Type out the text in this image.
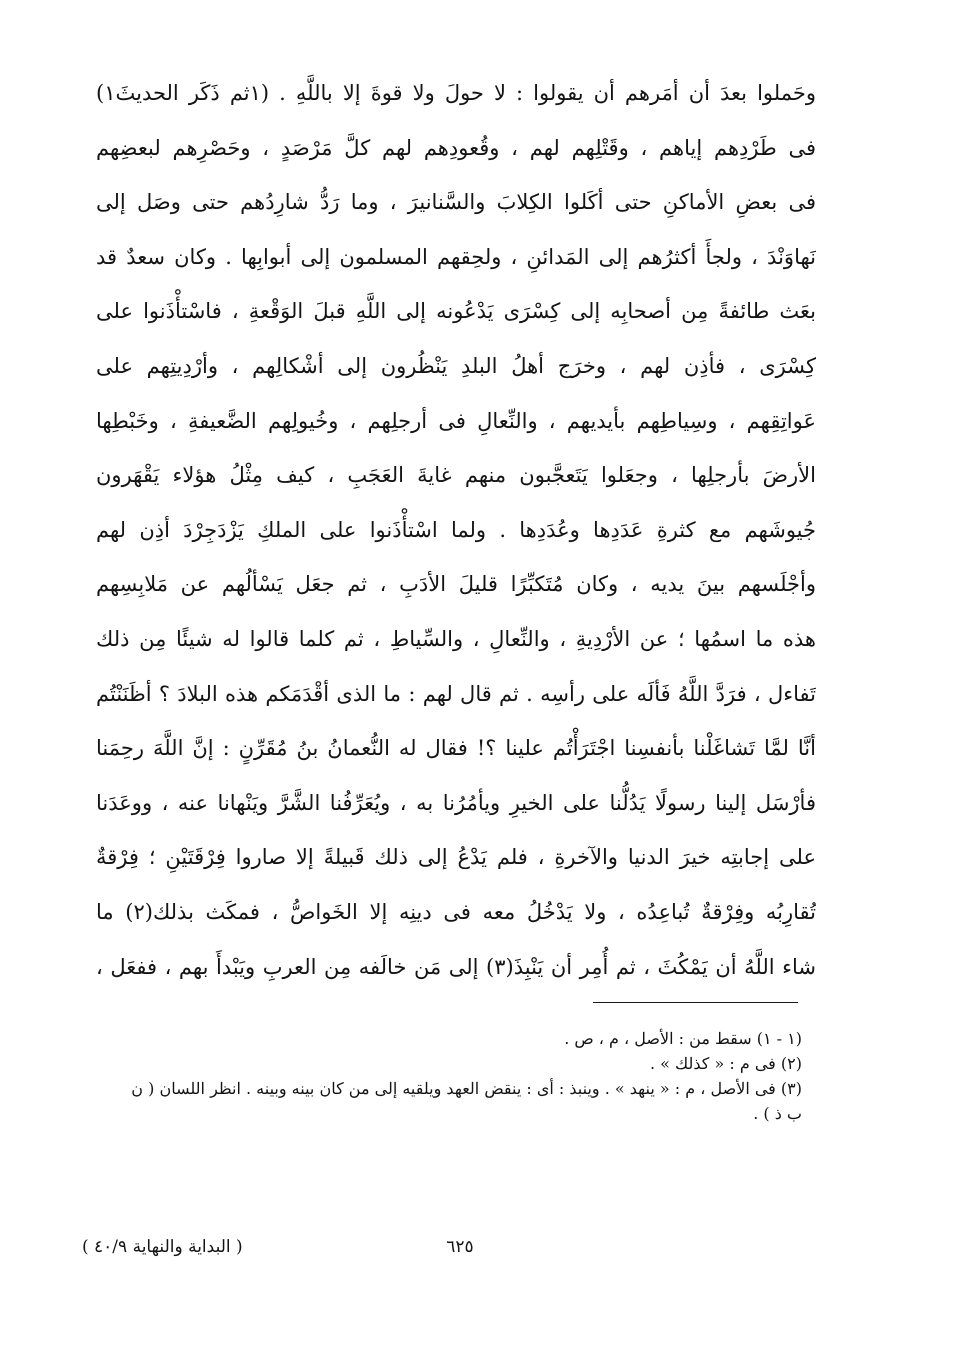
وحَملوا بعدَ أن أمَرهم أن يقولوا : لا حولَ ولا قوةَ إلا باللَّهِ . (١ثم ذَكَر الحديثَ١)
فى طَرْدِهم إياهم ، وقَتْلِهم لهم ، وقُعودِهم لهم كلَّ مَرْصَدٍ ، وحَصْرِهم لبعضِهم
فى بعضِ الأماكنِ حتى أكَلوا الكِلابَ والسَّنانيرَ ، وما رَدُّ شارِدُهم حتى وصَل إلى
نَهاوَنْدَ ، ولجأَ أكثرُهم إلى المَدائنِ ، ولحِقهم المسلمون إلى أبوابِها . وكان سعدٌ قد
بعَث طائفةً مِن أصحابِه إلى كِسْرَى يَدْعُونه إلى اللَّهِ قبلَ الوَقْعةِ ، فاسْتأْذَنوا على
كِسْرَى ، فأذِن لهم ، وخرَج أهلُ البلدِ يَنْظُرون إلى أشْكالِهم ، وأرْدِيتِهم على
عَواتِقِهم ، وسِياطِهم بأيديهم ، والنِّعالِ فى أرجلِهم ، وخُيولِهم الضَّعيفةِ ، وخَبْطِها
الأرضَ بأرجلِها ، وجعَلوا يَتَعجَّبون منهم غايةَ العَجَبِ ، كيف مِثْلُ هؤلاء يَقْهَرون
جُيوشَهم مع كثرةِ عَدَدِها وعُدَدِها . ولما اسْتأْذَنوا على الملكِ يَزْدَجِرْدَ أذِن لهم
وأجْلَسهم بينَ يديه ، وكان مُتَكبِّرًا قليلَ الأدَبِ ، ثم جعَل يَسْألُهم عن مَلابِسِهم
هذه ما اسمُها ؛ عن الأرْدِيةِ ، والنِّعالِ ، والسِّياطِ ، ثم كلما قالوا له شيئًا مِن ذلك
تَفاءل ، فرَدَّ اللَّهُ فَألَه على رأسِه . ثم قال لهم : ما الذى أقْدَمَكم هذه البلادَ ؟ أظَنَنْتُم
أنَّا لمَّا تَشاغَلْنا بأنفسِنا اجْتَرَأْتُم علينا ؟! فقال له النُّعمانُ بنُ مُقَرِّنٍ : إنَّ اللَّهَ رحِمَنا
فأرْسَل إلينا رسولًا يَدُلُّنا على الخيرِ ويأمُرُنا به ، ويُعَرِّفُنا الشَّرَّ ويَنْهانا عنه ، ووعَدَنا
على إجابتِه خيرَ الدنيا والآخرةِ ، فلم يَدْعُ إلى ذلك قَبيلةً إلا صاروا فِرْقَتَيْنِ ؛ فِرْقةٌ
تُقارِبُه وفِرْقةٌ تُباعِدُه ، ولا يَدْخُلُ معه فى دينِه إلا الخَواصُّ ، فمكَث بذلك(٢) ما
شاء اللَّهُ أن يَمْكُثَ ، ثم أُمِر أن يَنْبِذَ(٣) إلى مَن خالَفه مِن العربِ ويَبْدأَ بهم ، ففعَل ،
(١ - ١) سقط من : الأصل ، م ، ص .
(٢) فى م : « كذلك » .
(٣) فى الأصل ، م : « ينهد » . وينبذ : أى : ينقض العهد ويلقيه إلى من كان بينه وبينه . انظر اللسان ( ن
ب ذ ) .
( البداية والنهاية ٤٠/٩ )	٦٢٥
